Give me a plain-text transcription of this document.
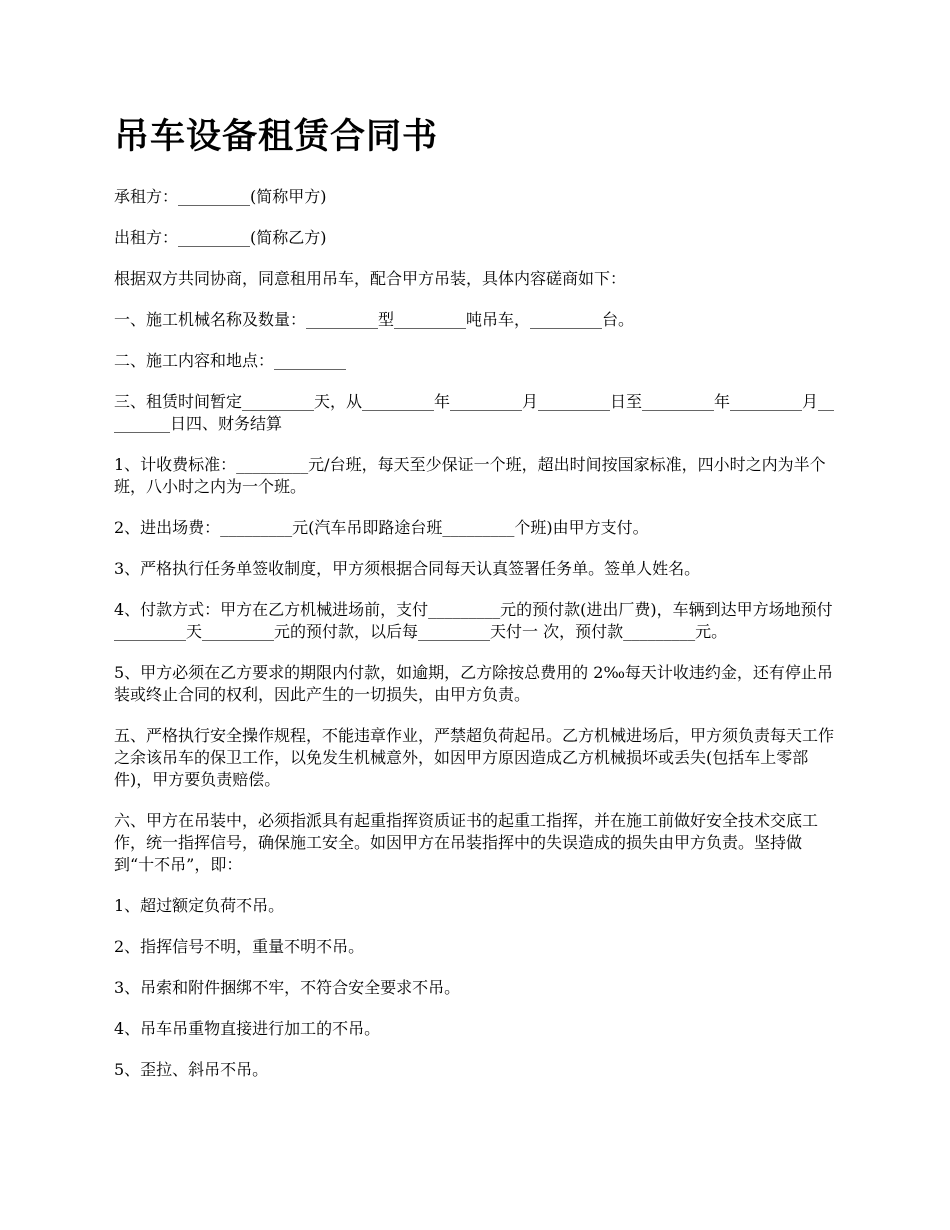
吊车设备租赁合同书

承租方：_________(简称甲方)

出租方：_________(简称乙方)

根据双方共同协商，同意租用吊车，配合甲方吊装，具体内容磋商如下：

一、施工机械名称及数量：_________型_________吨吊车，_________台。

二、施工内容和地点：_________

三、租赁时间暂定_________天，从_________年_________月_________日至_________年_________月_________日四、财务结算

1、计收费标准：_________元/台班，每天至少保证一个班，超出时间按国家标准，四小时之内为半个班，八小时之内为一个班。

2、进出场费：_________元(汽车吊即路途台班_________个班)由甲方支付。

3、严格执行任务单签收制度，甲方须根据合同每天认真签署任务单。签单人姓名。

4、付款方式：甲方在乙方机械进场前，支付_________元的预付款(进出厂费)，车辆到达甲方场地预付_________天_________元的预付款，以后每_________天付一 次，预付款_________元。

5、甲方必须在乙方要求的期限内付款，如逾期，乙方除按总费用的 2‰每天计收违约金，还有停止吊装或终止合同的权利，因此产生的一切损失，由甲方负责。

五、严格执行安全操作规程，不能违章作业，严禁超负荷起吊。乙方机械进场后，甲方须负责每天工作之余该吊车的保卫工作，以免发生机械意外，如因甲方原因造成乙方机械损坏或丢失(包括车上零部件)，甲方要负责赔偿。

六、甲方在吊装中，必须指派具有起重指挥资质证书的起重工指挥，并在施工前做好安全技术交底工作，统一指挥信号，确保施工安全。如因甲方在吊装指挥中的失误造成的损失由甲方负责。坚持做到“十不吊”，即：

1、超过额定负荷不吊。

2、指挥信号不明，重量不明不吊。

3、吊索和附件捆绑不牢，不符合安全要求不吊。

4、吊车吊重物直接进行加工的不吊。

5、歪拉、斜吊不吊。
